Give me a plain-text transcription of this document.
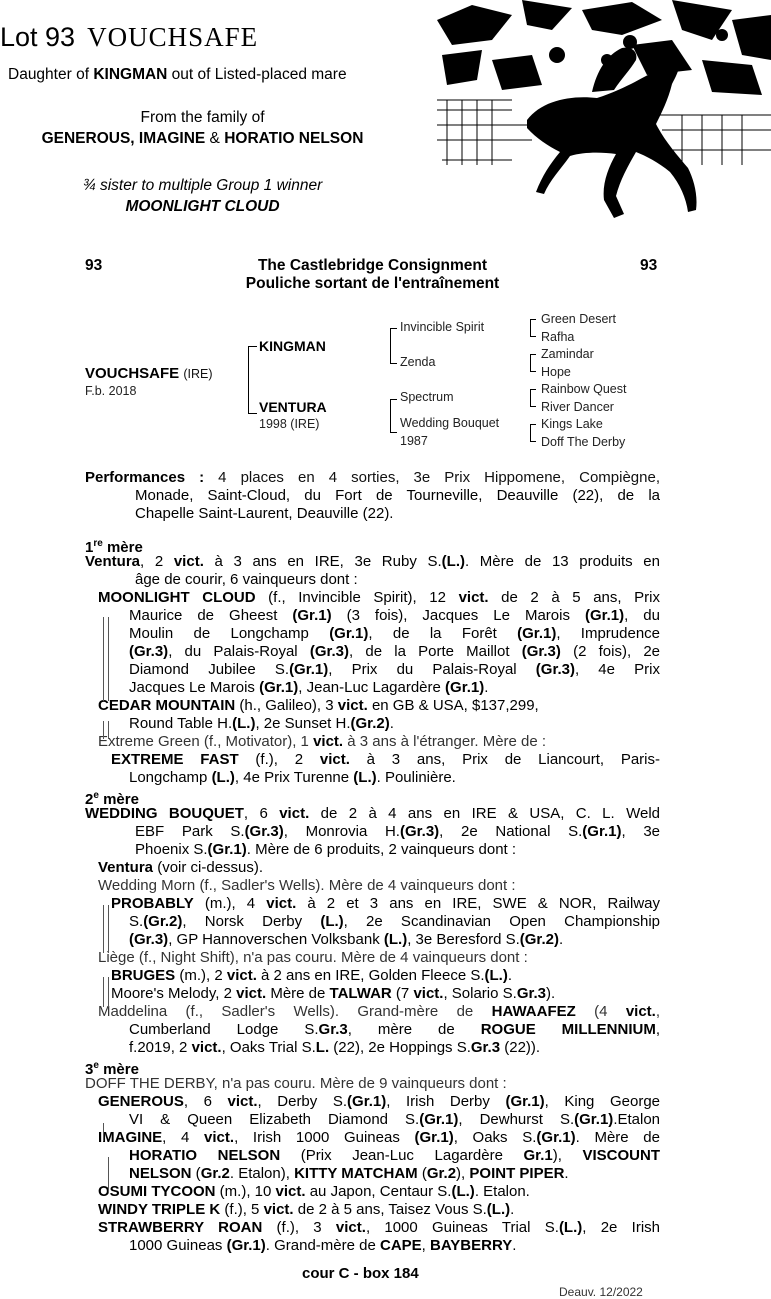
Lot 93 VOUCHSAFE
Daughter of KINGMAN out of Listed-placed mare
From the family of
GENEROUS, IMAGINE & HORATIO NELSON
¾ sister to multiple Group 1 winner
MOONLIGHT CLOUD
93	93
The Castlebridge Consignment
Pouliche sortant de l'entraînement
VOUCHSAFE (IRE)
F.b. 2018
KINGMAN
VENTURA
1998 (IRE)
Invincible Spirit
Zenda
Spectrum
Wedding Bouquet
1987
Green Desert
Rafha
Zamindar
Hope
Rainbow Quest
River Dancer
Kings Lake
Doff The Derby
Performances : 4 places en 4 sorties, 3e Prix Hippomene, Compiègne,
Monade, Saint-Cloud, du Fort de Tourneville, Deauville (22), de la
Chapelle Saint-Laurent, Deauville (22).
1re mère
Ventura, 2 vict. à 3 ans en IRE, 3e Ruby S.(L.). Mère de 13 produits en
âge de courir, 6 vainqueurs dont :
MOONLIGHT CLOUD (f., Invincible Spirit), 12 vict. de 2 à 5 ans, Prix
Maurice de Gheest (Gr.1) (3 fois), Jacques Le Marois (Gr.1), du
Moulin de Longchamp (Gr.1), de la Forêt (Gr.1), Imprudence
(Gr.3), du Palais-Royal (Gr.3), de la Porte Maillot (Gr.3) (2 fois), 2e
Diamond Jubilee S.(Gr.1), Prix du Palais-Royal (Gr.3), 4e Prix
Jacques Le Marois (Gr.1), Jean-Luc Lagardère (Gr.1).
CEDAR MOUNTAIN (h., Galileo), 3 vict. en GB & USA, $137,299,
Round Table H.(L.), 2e Sunset H.(Gr.2).
Extreme Green (f., Motivator), 1 vict. à 3 ans à l'étranger. Mère de :
EXTREME FAST (f.), 2 vict. à 3 ans, Prix de Liancourt, Paris-
Longchamp (L.), 4e Prix Turenne (L.). Poulinière.
2e mère
WEDDING BOUQUET, 6 vict. de 2 à 4 ans en IRE & USA, C. L. Weld
EBF Park S.(Gr.3), Monrovia H.(Gr.3), 2e National S.(Gr.1), 3e
Phoenix S.(Gr.1). Mère de 6 produits, 2 vainqueurs dont :
Ventura (voir ci-dessus).
Wedding Morn (f., Sadler's Wells). Mère de 4 vainqueurs dont :
PROBABLY (m.), 4 vict. à 2 et 3 ans en IRE, SWE & NOR, Railway
S.(Gr.2), Norsk Derby (L.), 2e Scandinavian Open Championship
(Gr.3), GP Hannoverschen Volksbank (L.), 3e Beresford S.(Gr.2).
Liège (f., Night Shift), n'a pas couru. Mère de 4 vainqueurs dont :
BRUGES (m.), 2 vict. à 2 ans en IRE, Golden Fleece S.(L.).
Moore's Melody, 2 vict. Mère de TALWAR (7 vict., Solario S.Gr.3).
Maddelina (f., Sadler's Wells). Grand-mère de HAWAAFEZ (4 vict.,
Cumberland Lodge S.Gr.3, mère de ROGUE MILLENNIUM,
f.2019, 2 vict., Oaks Trial S.L. (22), 2e Hoppings S.Gr.3 (22)).
3e mère
DOFF THE DERBY, n'a pas couru. Mère de 9 vainqueurs dont :
GENEROUS, 6 vict., Derby S.(Gr.1), Irish Derby (Gr.1), King George
VI & Queen Elizabeth Diamond S.(Gr.1), Dewhurst S.(Gr.1).Etalon
IMAGINE, 4 vict., Irish 1000 Guineas (Gr.1), Oaks S.(Gr.1). Mère de
HORATIO NELSON (Prix Jean-Luc Lagardère Gr.1), VISCOUNT
NELSON (Gr.2. Etalon), KITTY MATCHAM (Gr.2), POINT PIPER.
OSUMI TYCOON (m.), 10 vict. au Japon, Centaur S.(L.). Etalon.
WINDY TRIPLE K (f.), 5 vict. de 2 à 5 ans, Taisez Vous S.(L.).
STRAWBERRY ROAN (f.), 3 vict., 1000 Guineas Trial S.(L.), 2e Irish
1000 Guineas (Gr.1). Grand-mère de CAPE, BAYBERRY.
cour C - box 184
Deauv. 12/2022
